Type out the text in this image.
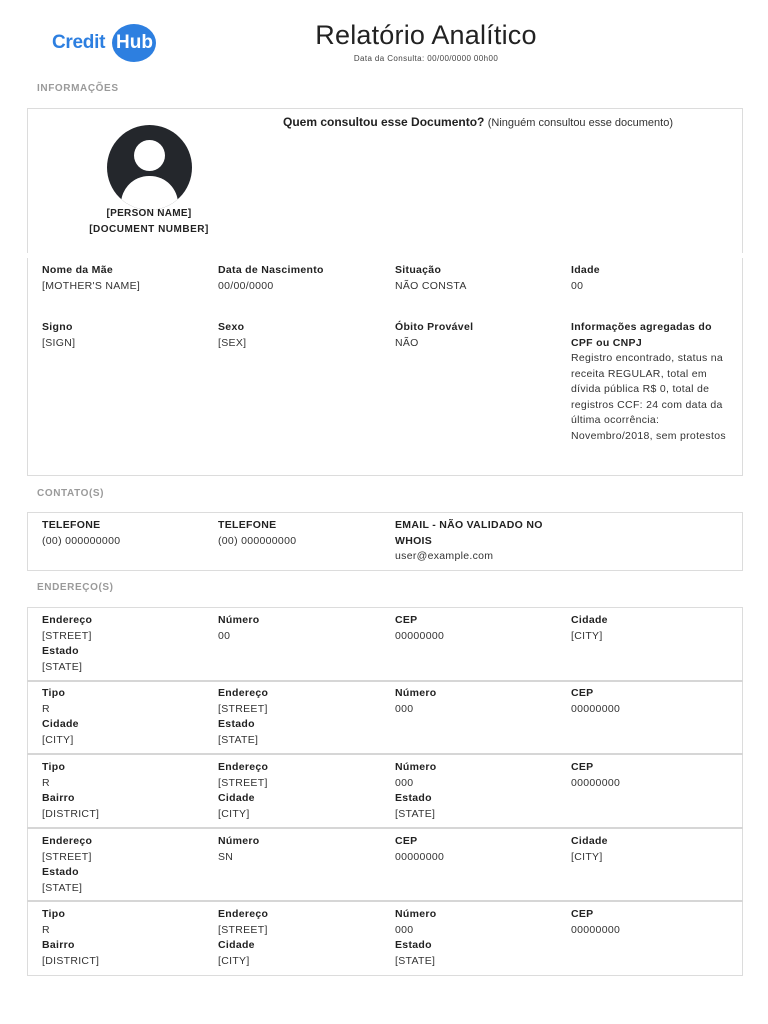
Credit Hub	Relatório Analítico
Data da Consulta: 00/00/0000 00h00
INFORMAÇÕES
[PERSON NAME]
[DOCUMENT NUMBER]
Quem consultou esse Documento? (Ninguém consultou esse documento)
Nome da Mãe
[MOTHER'S NAME]
Data de Nascimento
00/00/0000
Situação
NÃO CONSTA
Idade
00
Signo
[SIGN]
Sexo
[SEX]
Óbito Provável
NÃO
Informações agregadas do CPF ou CNPJ
Registro encontrado, status na receita REGULAR, total em dívida pública R$ 0, total de registros CCF: 24 com data da última ocorrência: Novembro/2018, sem protestos
CONTATO(S)
TELEFONE
(00) 000000000
TELEFONE
(00) 000000000
EMAIL - NÃO VALIDADO NO WHOIS
user@example.com
ENDEREÇO(S)
Endereço
[STREET]
Estado
[STATE]
Número
00
CEP
00000000
Cidade
[CITY]
Tipo
R
Cidade
[CITY]
Endereço
[STREET]
Estado
[STATE]
Número
000
CEP
00000000
Tipo
R
Bairro
[DISTRICT]
Endereço
[STREET]
Cidade
[CITY]
Número
000
Estado
[STATE]
CEP
00000000
Endereço
[STREET]
Estado
[STATE]
Número
SN
CEP
00000000
Cidade
[CITY]
Tipo
R
Bairro
[DISTRICT]
Endereço
[STREET]
Cidade
[CITY]
Número
000
Estado
[STATE]
CEP
00000000
